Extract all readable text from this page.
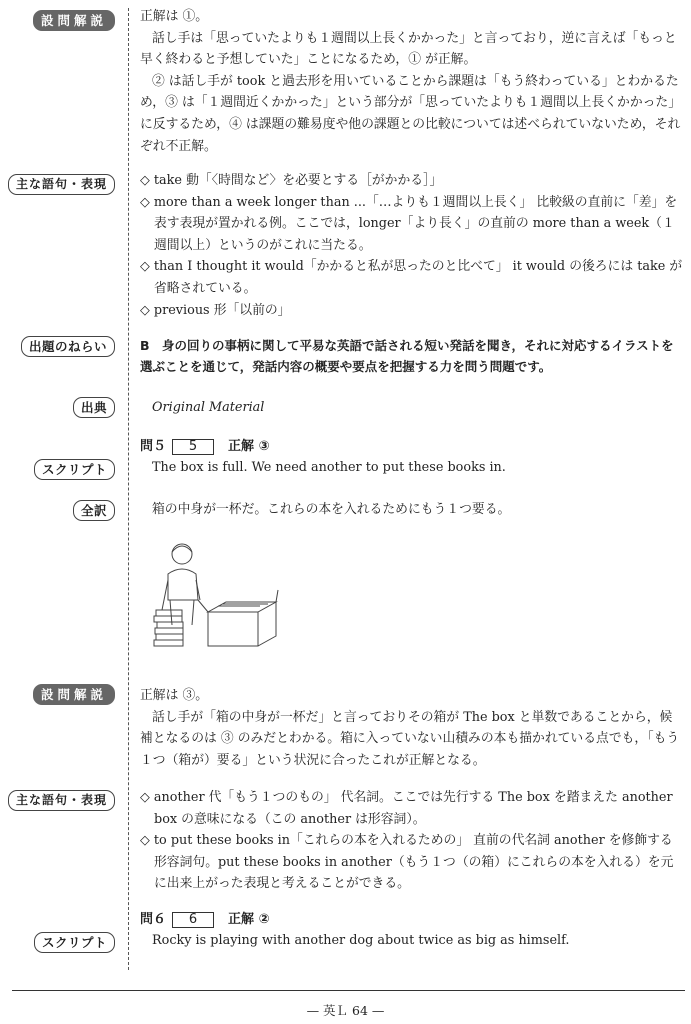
設問解説
主な語句・表現
出題のねらい
出典
スクリプト
全訳
設問解説
主な語句・表現
スクリプト

正解は ①。

話し手は「思っていたよりも１週間以上長くかかった」と言っており，逆に言えば「もっと早く終わると予想していた」ことになるため，① が正解。

② は話し手が took と過去形を用いていることから課題は「もう終わっている」とわかるため，③ は「１週間近くかかった」という部分が「思っていたよりも１週間以上長くかかった」に反するため，④ は課題の難易度や他の課題との比較については述べられていないため，それぞれ不正解。

◇ take 動「〈時間など〉を必要とする［がかかる］」

◇ more than a week longer than ...「…よりも１週間以上長く」 比較級の直前に「差」を表す表現が置かれる例。ここでは，longer「より長く」の直前の more than a week（１週間以上）というのがこれに当たる。

◇ than I thought it would「かかると私が思ったのと比べて」 it would の後ろには take が省略されている。

◇ previous 形「以前の」

B　身の回りの事柄に関して平易な英語で話される短い発話を聞き，それに対応するイラストを選ぶことを通じて，発話内容の概要や要点を把握する力を問う問題です。
Original Material
問５ 5 正解 ③

The box is full. We need another to put these books in.

箱の中身が一杯だ。これらの本を入れるためにもう１つ要る。

正解は ③。

話し手が「箱の中身が一杯だ」と言っておりその箱が The box と単数であることから，候補となるのは ③ のみだとわかる。箱に入っていない山積みの本も描かれている点でも，「もう１つ（箱が）要る」という状況に合ったこれが正解となる。

◇ another 代「もう１つのもの」 代名詞。ここでは先行する The box を踏まえた another box の意味になる（この another は形容詞）。

◇ to put these books in「これらの本を入れるための」 直前の代名詞 another を修飾する形容詞句。put these books in another（もう１つ（の箱）にこれらの本を入れる）を元に出来上がった表現と考えることができる。

問６ 6 正解 ②

Rocky is playing with another dog about twice as big as himself.

— 英Ｌ 64 —
